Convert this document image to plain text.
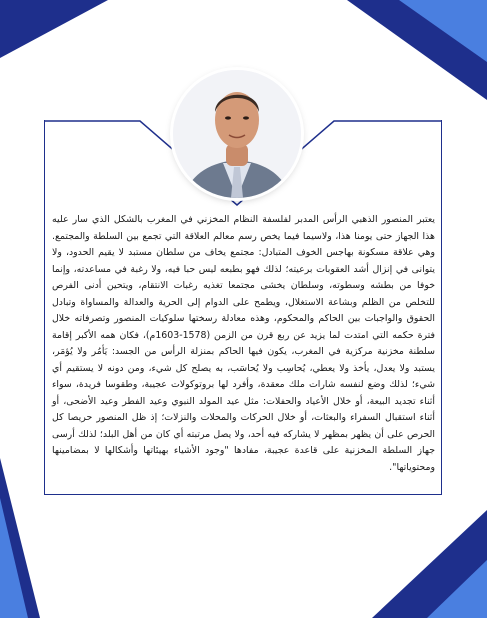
يعتبر المنصور الذهبي الرأس المدبر لفلسفة النظام المخزني في المغرب بالشكل الذي سار عليه هذا الجهاز حتى يومنا هذا، ولاسيما فيما يخص رسم معالم العلاقة التي تجمع بين السلطة والمجتمع. وهي علاقة مسكونة بهاجس الخوف المتبادل: مجتمع يخاف من سلطان مستبد لا يقيم الحدود، ولا يتوانى في إنزال أشد العقوبات برعيته؛ لذلك فهو بطبعه ليس حبا فيه، ولا رغبة في مساعدته، وإنما خوفا من بطشه وسطوته، وسلطان يخشى مجتمعا تغذيه رغبات الانتقام، ويتحين أدنى الفرص للتخلص من الظلم وبشاعة الاستغلال، ويطمح على الدوام إلى الحرية والعدالة والمساواة وتبادل الحقوق والواجبات بين الحاكم والمحكوم، وهذه معادلة رسختها سلوكيات المنصور وتصرفاته خلال فترة حكمه التي امتدت لما يزيد عن ربع قرن من الزمن (1578-1603م)، فكان همه الأكبر إقامة سلطنة مخزنية مركزية في المغرب، يكون فيها الحاكم بمنزلة الرأس من الجسد: يَأمُر ولا يُؤمَر، يستبد ولا يعدل، يأخذ ولا يعطي، يُحاسِب ولا يُحاسَب، به يصلح كل شيء، ومن دونه لا يستقيم أي شيء؛ لذلك وضع لنفسه شارات ملك معقدة، وأفرد لها بروتوكولات عجيبة، وطقوسا فريدة، سواء أثناء تجديد البيعة، أو خلال الأعياد والحفلات: مثل عيد المولد النبوي وعيد الفطر وعيد الأضحى، أو أثناء استقبال السفراء والبعثات، أو خلال الحركات والمحلات والنزلات؛ إذ ظل المنصور حريصا كل الحرص على أن يظهر بمظهر لا يشاركه فيه أحد، ولا يصل مرتبته أي كان من أهل البلد؛ لذلك أرسى جهاز السلطة المخزنية على قاعدة عجيبة، مفادها "وجود الأشياء بهيئاتها وأشكالها لا بمضامينها ومحتوياتها".
